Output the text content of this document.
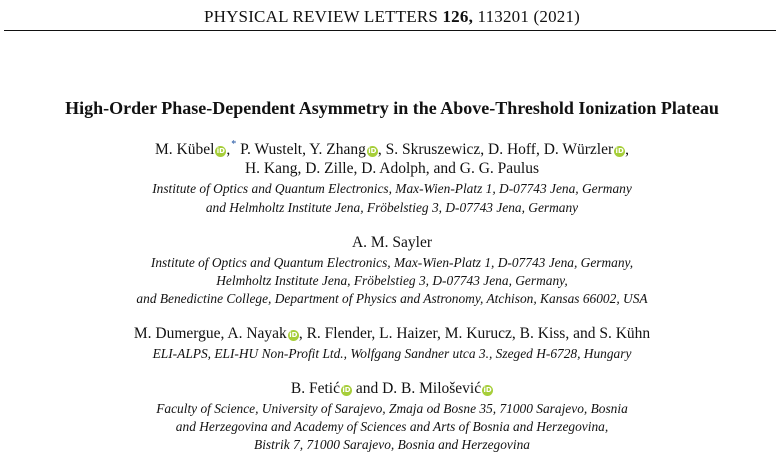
PHYSICAL REVIEW LETTERS 126, 113201 (2021)
High-Order Phase-Dependent Asymmetry in the Above-Threshold Ionization Plateau
M. Kübel iD,* P. Wustelt, Y. Zhang iD, S. Skruszewicz, D. Hoff, D. Würzler iD,
H. Kang, D. Zille, D. Adolph, and G. G. Paulus
Institute of Optics and Quantum Electronics, Max-Wien-Platz 1, D-07743 Jena, Germany
and Helmholtz Institute Jena, Fröbelstieg 3, D-07743 Jena, Germany
A. M. Sayler
Institute of Optics and Quantum Electronics, Max-Wien-Platz 1, D-07743 Jena, Germany,
Helmholtz Institute Jena, Fröbelstieg 3, D-07743 Jena, Germany,
and Benedictine College, Department of Physics and Astronomy, Atchison, Kansas 66002, USA
M. Dumergue, A. Nayak iD, R. Flender, L. Haizer, M. Kurucz, B. Kiss, and S. Kühn
ELI-ALPS, ELI-HU Non-Profit Ltd., Wolfgang Sandner utca 3., Szeged H-6728, Hungary
B. Fetić iD and D. B. Milošević iD
Faculty of Science, University of Sarajevo, Zmaja od Bosne 35, 71000 Sarajevo, Bosnia
and Herzegovina and Academy of Sciences and Arts of Bosnia and Herzegovina,
Bistrik 7, 71000 Sarajevo, Bosnia and Herzegovina
